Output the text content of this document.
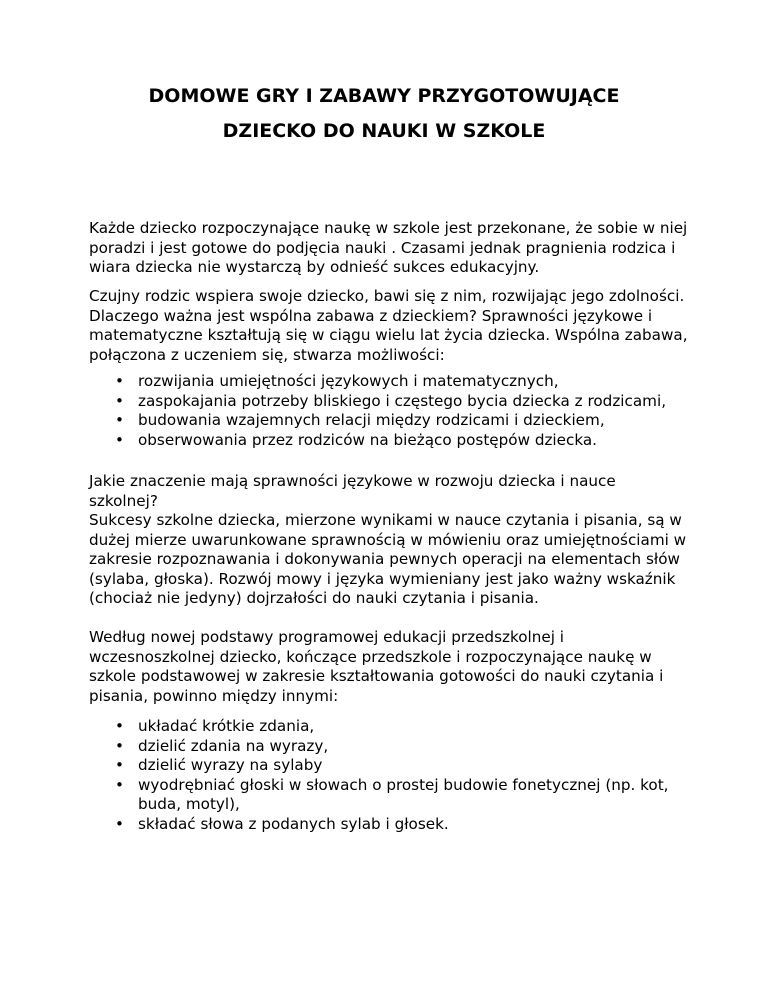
DOMOWE GRY I ZABAWY PRZYGOTOWUJĄCE
DZIECKO DO NAUKI W SZKOLE

Każde dziecko rozpoczynające naukę w szkole jest przekonane, że sobie w niej poradzi i jest gotowe do podjęcia nauki . Czasami jednak pragnienia rodzica i wiara dziecka nie wystarczą by odnieść sukces edukacyjny.

Czujny rodzic wspiera swoje dziecko, bawi się z nim, rozwijając jego zdolności. Dlaczego ważna jest wspólna zabawa z dzieckiem? Sprawności językowe i matematyczne kształtują się w ciągu wielu lat życia dziecka. Wspólna zabawa, połączona z uczeniem się, stwarza możliwości:

• rozwijania umiejętności językowych i matematycznych,
• zaspokajania potrzeby bliskiego i częstego bycia dziecka z rodzicami,
• budowania wzajemnych relacji między rodzicami i dzieckiem,
• obserwowania przez rodziców na bieżąco postępów dziecka.

Jakie znaczenie mają sprawności językowe w rozwoju dziecka i nauce szkolnej?

Sukcesy szkolne dziecka, mierzone wynikami w nauce czytania i pisania, są w dużej mierze uwarunkowane sprawnością w mówieniu oraz umiejętnościami w zakresie rozpoznawania i dokonywania pewnych operacji na elementach słów (sylaba, głoska). Rozwój mowy i języka wymieniany jest jako ważny wskaźnik (chociaż nie jedyny) dojrzałości do nauki czytania i pisania.

Według nowej podstawy programowej edukacji przedszkolnej i wczesnoszkolnej dziecko, kończące przedszkole i rozpoczynające naukę w szkole podstawowej w zakresie kształtowania gotowości do nauki czytania i pisania, powinno między innymi:

• układać krótkie zdania,
• dzielić zdania na wyrazy,
• dzielić wyrazy na sylaby
• wyodrębniać głoski w słowach o prostej budowie fonetycznej (np. kot, buda, motyl),
• składać słowa z podanych sylab i głosek.
